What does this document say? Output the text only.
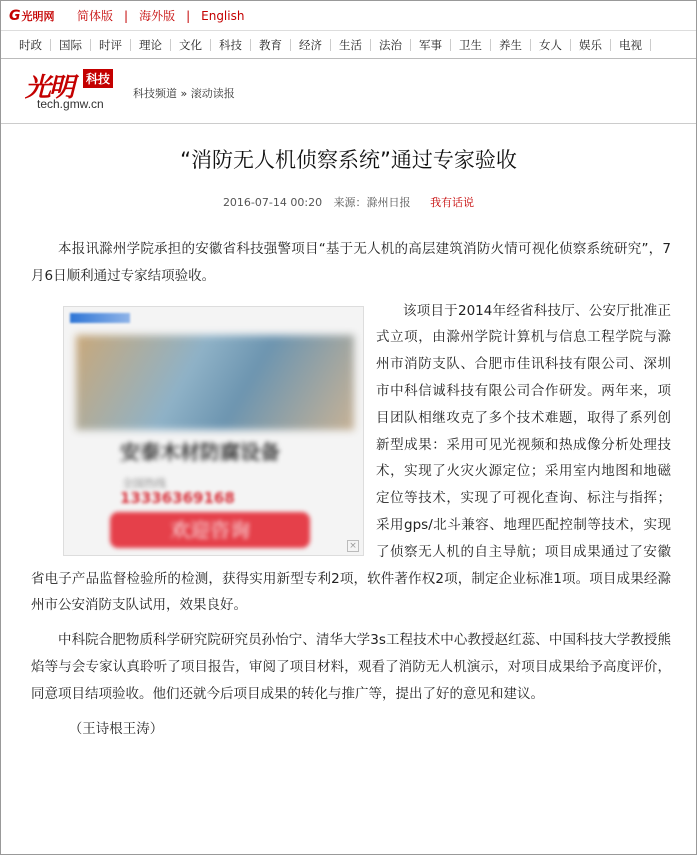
G 光明网 简体版 | 海外版 | English
时政	国际	时评	理论	文化	科技	教育	经济	生活	法治	军事	卫生	养生	女人	娱乐	电视
光明 科技
tech.gmw.cn
科技频道 » 滚动读报
“消防无人机侦察系统”通过专家验收
2016-07-14 00:20 来源：滁州日报 我有话说

本报讯滁州学院承担的安徽省科技强警项目“基于无人机的高层建筑消防火情可视化侦察系统研究”，7月6日顺利通过专家结项验收。

安泰木材防腐设备
全国热线
13336369168
欢迎咨询
×

该项目于2014年经省科技厅、公安厅批准正式立项，由滁州学院计算机与信息工程学院与滁州市消防支队、合肥市佳讯科技有限公司、深圳市中科信诚科技有限公司合作研发。两年来，项目团队相继攻克了多个技术难题，取得了系列创新型成果：采用可见光视频和热成像分析处理技术，实现了火灾火源定位；采用室内地图和地磁定位等技术，实现了可视化查询、标注与指挥；采用gps/北斗兼容、地理匹配控制等技术，实现了侦察无人机的自主导航；项目成果通过了安徽省电子产品监督检验所的检测，获得实用新型专利2项，软件著作权2项，制定企业标准1项。项目成果经滁州市公安消防支队试用，效果良好。

中科院合肥物质科学研究院研究员孙怡宁、清华大学3s工程技术中心教授赵红蕊、中国科技大学教授熊焰等与会专家认真聆听了项目报告，审阅了项目材料，观看了消防无人机演示，对项目成果给予高度评价，同意项目结项验收。他们还就今后项目成果的转化与推广等，提出了好的意见和建议。

（王诗根王涛）
